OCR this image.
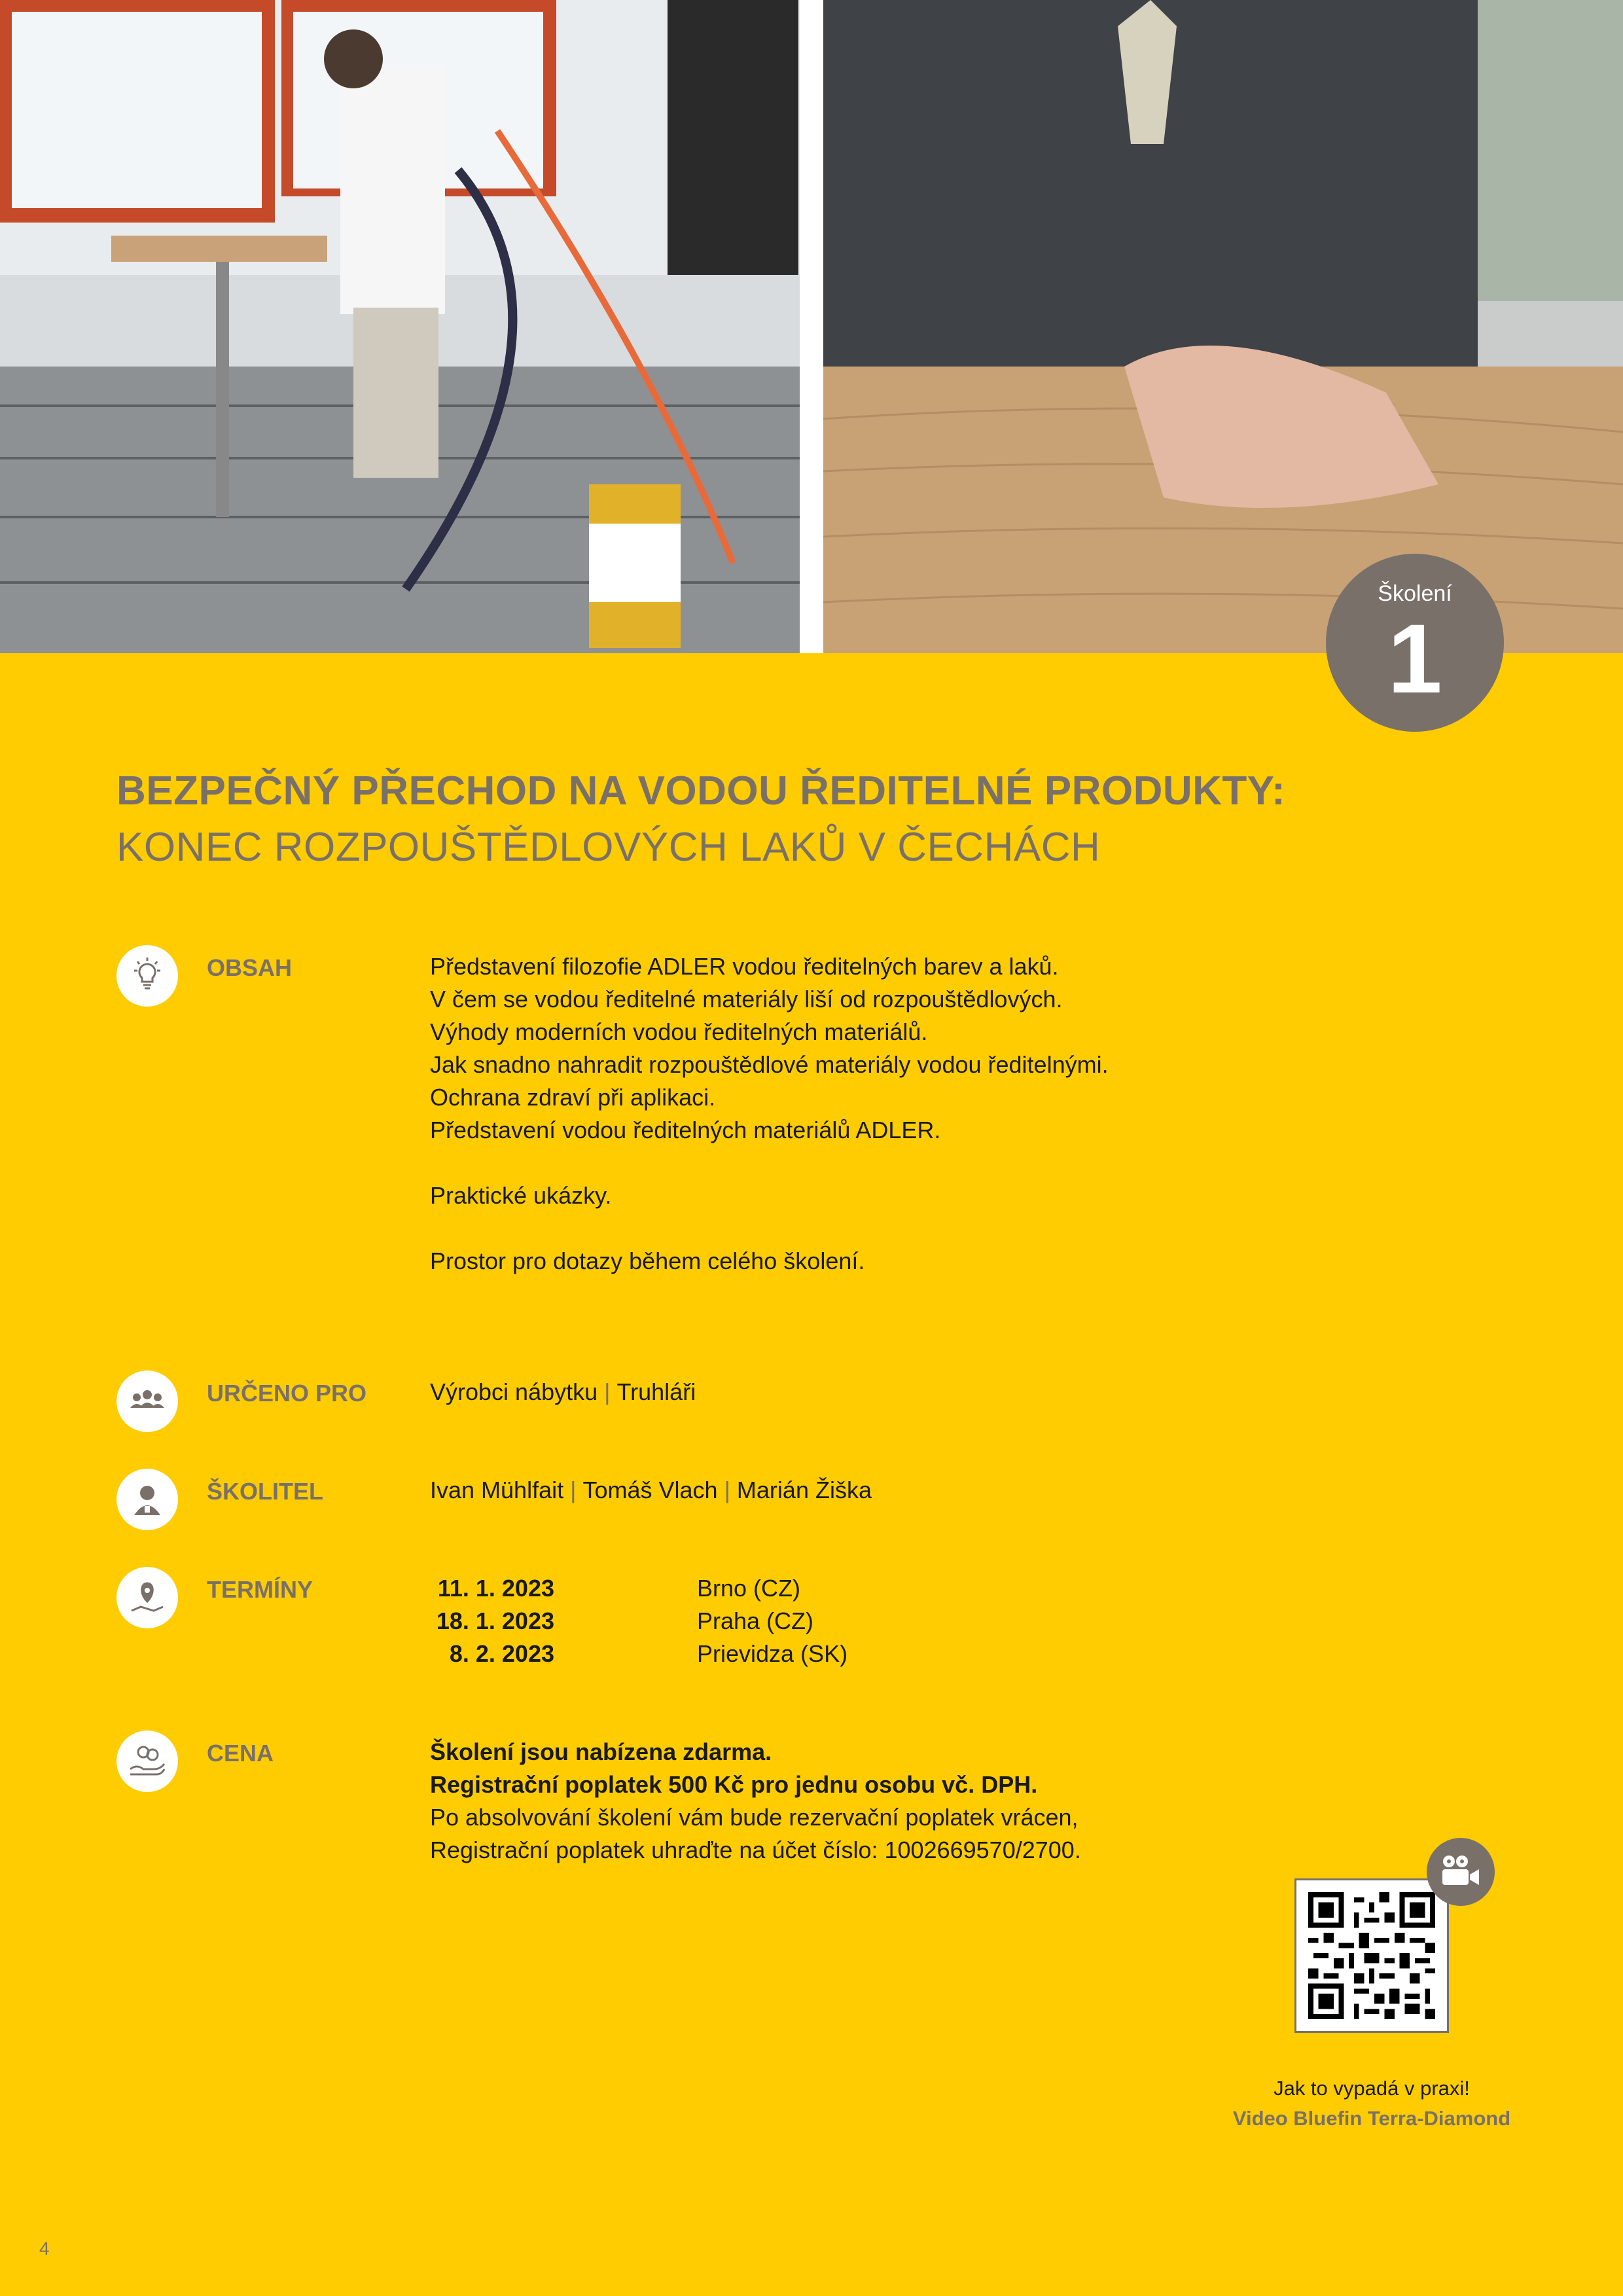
Školení
1
BEZPEČNÝ PŘECHOD NA VODOU ŘEDITELNÉ PRODUKTY:
KONEC ROZPOUŠTĚDLOVÝCH LAKŮ V ČECHÁCH
OBSAH	Představení filozofie ADLER vodou ředitelných barev a laků.

V čem se vodou ředitelné materiály liší od rozpouštědlových.

Výhody moderních vodou ředitelných materiálů.

Jak snadno nahradit rozpouštědlové materiály vodou ředitelnými.

Ochrana zdraví při aplikaci.

Představení vodou ředitelných materiálů ADLER.

Praktické ukázky.

Prostor pro dotazy během celého školení.

URČENO PRO	Výrobci nábytku | Truhláři
ŠKOLITEL	Ivan Mühlfait | Tomáš Vlach | Marián Žiška
TERMÍNY	11. 1. 2023	Brno (CZ)
18. 1. 2023	Praha (CZ)
8. 2. 2023	Prievidza (SK)
CENA	Školení jsou nabízena zdarma.

Registrační poplatek 500 Kč pro jednu osobu vč. DPH.

Po absolvování školení vám bude rezervační poplatek vrácen,

Registrační poplatek uhraďte na účet číslo: 1002669570/2700.

Jak to vypadá v praxi!
Video Bluefin Terra-Diamond
4
